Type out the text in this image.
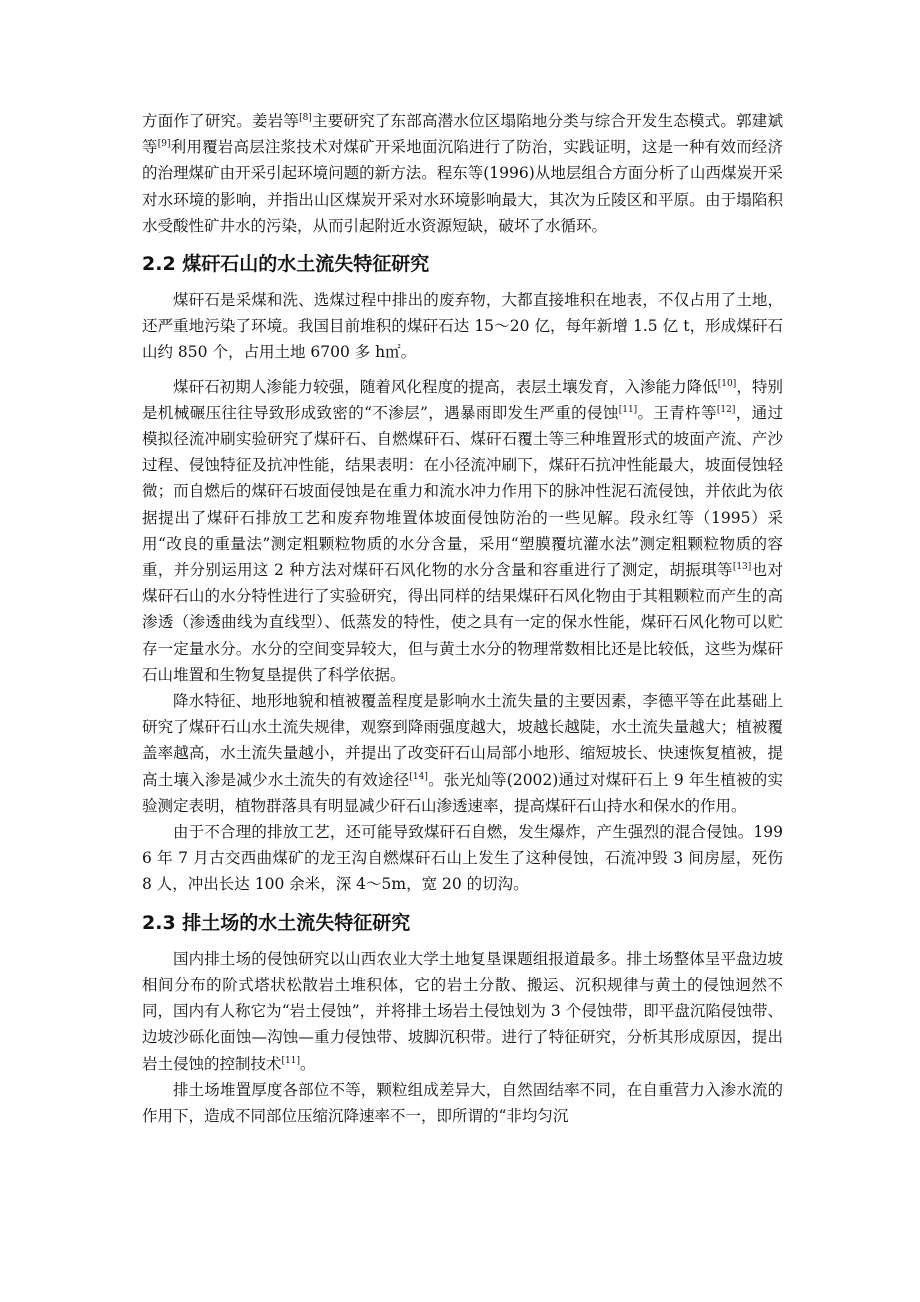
方面作了研究。姜岩等[8]主要研究了东部高潜水位区塌陷地分类与综合开发生态模式。郭建斌等[9]利用覆岩高层注浆技术对煤矿开采地面沉陷进行了防治，实践证明，这是一种有效而经济的治理煤矿由开采引起环境问题的新方法。程东等(1996)从地层组合方面分析了山西煤炭开采对水环境的影响，并指出山区煤炭开采对水环境影响最大，其次为丘陵区和平原。由于塌陷积水受酸性矿井水的污染，从而引起附近水资源短缺，破坏了水循环。

2.2 煤矸石山的水土流失特征研究

煤矸石是采煤和洗、选煤过程中排出的废弃物，大都直接堆积在地表，不仅占用了土地，还严重地污染了环境。我国目前堆积的煤矸石达 15～20 亿，每年新增 1.5 亿 t，形成煤矸石山约 850 个，占用土地 6700 多 h㎡。

煤矸石初期人渗能力较强，随着风化程度的提高，表层土壤发育，入渗能力降低[10]，特别是机械碾压往往导致形成致密的“不渗层”，遇暴雨即发生严重的侵蚀[11]。王青杵等[12]，通过模拟径流冲刷实验研究了煤矸石、自燃煤矸石、煤矸石覆土等三种堆置形式的坡面产流、产沙过程、侵蚀特征及抗冲性能，结果表明：在小径流冲刷下，煤矸石抗冲性能最大，坡面侵蚀轻微；而自燃后的煤矸石坡面侵蚀是在重力和流水冲力作用下的脉冲性泥石流侵蚀，并依此为依据提出了煤矸石排放工艺和废弃物堆置体坡面侵蚀防治的一些见解。段永红等（1995）采用“改良的重量法”测定粗颗粒物质的水分含量，采用“塑膜覆坑灌水法”测定粗颗粒物质的容重，并分别运用这 2 种方法对煤矸石风化物的水分含量和容重进行了测定，胡振琪等[13]也对煤矸石山的水分特性进行了实验研究，得出同样的结果煤矸石风化物由于其粗颗粒而产生的高渗透（渗透曲线为直线型）、低蒸发的特性，使之具有一定的保水性能，煤矸石风化物可以贮存一定量水分。水分的空间变异较大，但与黄土水分的物理常数相比还是比较低，这些为煤矸石山堆置和生物复垦提供了科学依据。

降水特征、地形地貌和植被覆盖程度是影响水土流失量的主要因素，李德平等在此基础上研究了煤矸石山水土流失规律，观察到降雨强度越大，坡越长越陡，水土流失量越大；植被覆盖率越高，水土流失量越小，并提出了改变矸石山局部小地形、缩短坡长、快速恢复植被，提高土壤入渗是减少水土流失的有效途径[14]。张光灿等(2002)通过对煤矸石上 9 年生植被的实验测定表明，植物群落具有明显减少矸石山渗透速率，提高煤矸石山持水和保水的作用。

由于不合理的排放工艺，还可能导致煤矸石自燃，发生爆炸，产生强烈的混合侵蚀。1996 年 7 月古交西曲煤矿的龙王沟自燃煤矸石山上发生了这种侵蚀，石流冲毁 3 间房屋，死伤 8 人，冲出长达 100 余米，深 4～5m，宽 20 的切沟。

2.3 排土场的水土流失特征研究

国内排土场的侵蚀研究以山西农业大学土地复垦课题组报道最多。排土场整体呈平盘边坡相间分布的阶式塔状松散岩土堆积体，它的岩土分散、搬运、沉积规律与黄土的侵蚀迥然不同，国内有人称它为“岩土侵蚀”，并将排土场岩土侵蚀划为 3 个侵蚀带，即平盘沉陷侵蚀带、边坡沙砾化面蚀—沟蚀—重力侵蚀带、坡脚沉积带。进行了特征研究，分析其形成原因，提出岩土侵蚀的控制技术[11]。

排土场堆置厚度各部位不等，颗粒组成差异大，自然固结率不同，在自重营力入渗水流的作用下，造成不同部位压缩沉降速率不一，即所谓的“非均匀沉
